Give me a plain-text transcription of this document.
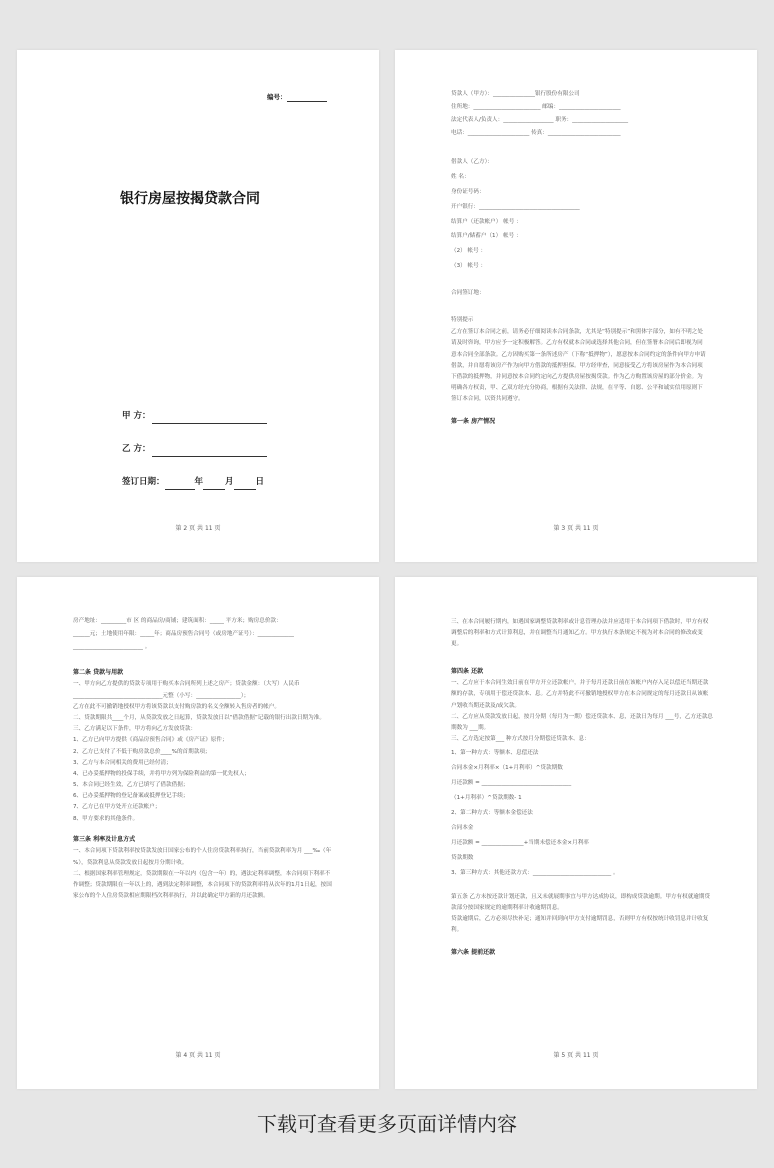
编号：
银行房屋按揭贷款合同
甲 方：
乙 方：
签订日期：	年	月	日
第 2 页 共 11 页
贷款人（甲方）：_______________银行股份有限公司
住所地：________________________ 邮编：______________________
法定代表人/负责人：__________________ 职务：____________________
电话：______________________ 传真：__________________________
借款人（乙方）：
姓 名：
身份证号码：
开户银行：____________________________________
结算户（还款帐户） 帐号 ：
结算户/储蓄户（1） 帐号 ：
（2） 帐号 ：
（3） 帐号 ：
合同签订地：
特别提示
乙方在签订本合同之前，请务必仔细阅读本合同条款，尤其是“特别提示”和黑体字部分，如有不明之处请及时咨询，甲方应予一定积极解答。乙方有权就本合同或选择其他合同，但在签署本合同后即视为同意本合同全部条款。乙方因购买第一条所述房产（下称“抵押物”），愿意按本合同约定的条件向甲方申请借款，并自愿将该房产作为向甲方借款的抵押担保。甲方经审查，同意接受乙方将该房屋作为本合同项下借款的抵押物，并同意按本合同约定向乙方提供房屋按揭贷款。作为乙方购置该房屋的部分价金。为明确各方权责，甲、乙双方经充分协商，根据有关法律、法规，在平等、自愿、公平和诚实信用原则下签订本合同，以资共同遵守。
第一条 房产情况
第 3 页 共 11 页
房产地址：_________市 区 的商品房/商铺；建筑面积：_____ 平方米；购房总价款：
______元；土地使用年限：_____年；商品房预售合同号（或房地产证号）：_____________
_________________________ 。
第二条 贷款与用款
一、甲方向乙方提供的贷款专项用于购买本合同所列上述之房产；贷款金额：（大写）人民币________________________________元整（小写：________________）；
乙方在此不可撤销地授权甲方将该贷款以支付购房款的名义全额转入售房者的帐户。
二、贷款期限共____个月，从贷款发放之日起算，贷款发放日以“借款借据”记载的银行出款日期为准。
三、乙方满足以下条件，甲方将向乙方发放贷款：
1、乙方已向甲方提供《商品房预售合同》或《房产证》原件；
2、乙方已支付了不低于购房款总价____%的首期款项；
3、乙方与本合同相关的费用已经付清；
4、已办妥抵押物的投保手续，并将甲方列为保险利益的第一优先权人；
5、本合同已经生效，乙方已填写了借款借据；
6、已办妥抵押物的登记备案或抵押登记手续；
7、乙方已在甲方处开立还款帐户；
8、甲方要求的其他条件。
第三条 利率及计息方式
一、本合同项下贷款利率按贷款发放日国家公布的个人住房贷款利率执行，当前贷款利率为月 ___‰（年 %），贷款利息从贷款发放日起按月分期计收。
二、根据国家利率管理规定，贷款期限在一年以内（包含一年）的，遇法定利率调整，本合同项下利率不作调整；贷款期限在一年以上的，遇到法定利率调整，本合同项下的贷款利率将从次年的1月1日起，按国家公布的个人住房贷款相应期限档次利率执行，并以此确定甲方新的月还款额。
第 4 页 共 11 页
三、在本合同履行期内，如遇国家调整贷款利率或计息管理办法并应适用于本合同项下借款时，甲方有权调整后的利率和方式计算利息，并在调整当月通知乙方。甲方执行本条规定不视为对本合同的修改或变更。
第四条 还款
一、乙方应于本合同生效日前在甲方开立还款帐户，并于每月还款日前在该帐户内存入足以偿还当期还款额的存款，专项用于偿还贷款本、息。乙方并特此不可撤销地授权甲方在本合同规定的每月还款日从该帐户划收当期还款及/或欠款。
二、乙方应从贷款发放日起，按月分期（每月为一期）偿还贷款本、息，还款日为每月 ___号，乙方还款总期数为 ___期。
三、乙方选定按第___ 种方式按月分期偿还贷款本、息：
1、第一种方式：等额本、息偿还法
合同本金×月利率×（1+月利率）^贷款期数
月还款额 = ________________________________
（1+月利率）^贷款期数- 1
2、第二种方式：等额本金偿还法
合同本金
月还款额 = _______________+当期未偿还本金×月利率
贷款期数
3、第三种方式：其他还款方式：____________________________ 。
第五条 乙方未按还款计划还款，且又未就展期事宜与甲方达成协议，即构成贷款逾期。甲方有权就逾期贷款部分按国家规定的逾期利率计收逾期罚息。
贷款逾期后，乙方必须尽快补足；通知并回到向甲方支付逾期罚息，否则甲方有权按统计收罚息并计收复利。
第六条 提前还款
第 5 页 共 11 页
下载可查看更多页面详情内容
